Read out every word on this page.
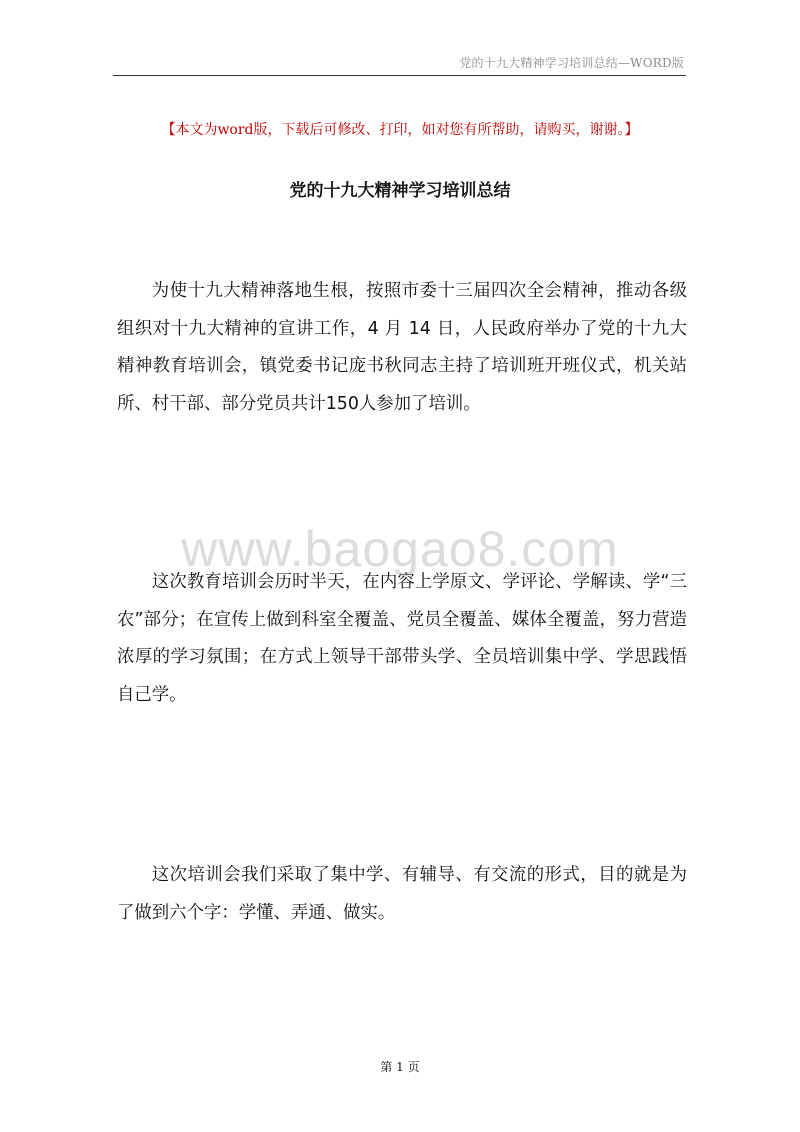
党的十九大精神学习培训总结—WORD版
【本文为word版，下载后可修改、打印，如对您有所帮助，请购买，谢谢。】
党的十九大精神学习培训总结

为使十九大精神落地生根，按照市委十三届四次全会精神，推动各级组织对十九大精神的宣讲工作，4 月 14 日，人民政府举办了党的十九大精神教育培训会，镇党委书记庞书秋同志主持了培训班开班仪式，机关站所、村干部、部分党员共计150人参加了培训。

www.baogao8.com

这次教育培训会历时半天，在内容上学原文、学评论、学解读、学“三农”部分；在宣传上做到科室全覆盖、党员全覆盖、媒体全覆盖，努力营造浓厚的学习氛围；在方式上领导干部带头学、全员培训集中学、学思践悟自己学。

这次培训会我们采取了集中学、有辅导、有交流的形式，目的就是为了做到六个字：学懂、弄通、做实。

第 1 页
